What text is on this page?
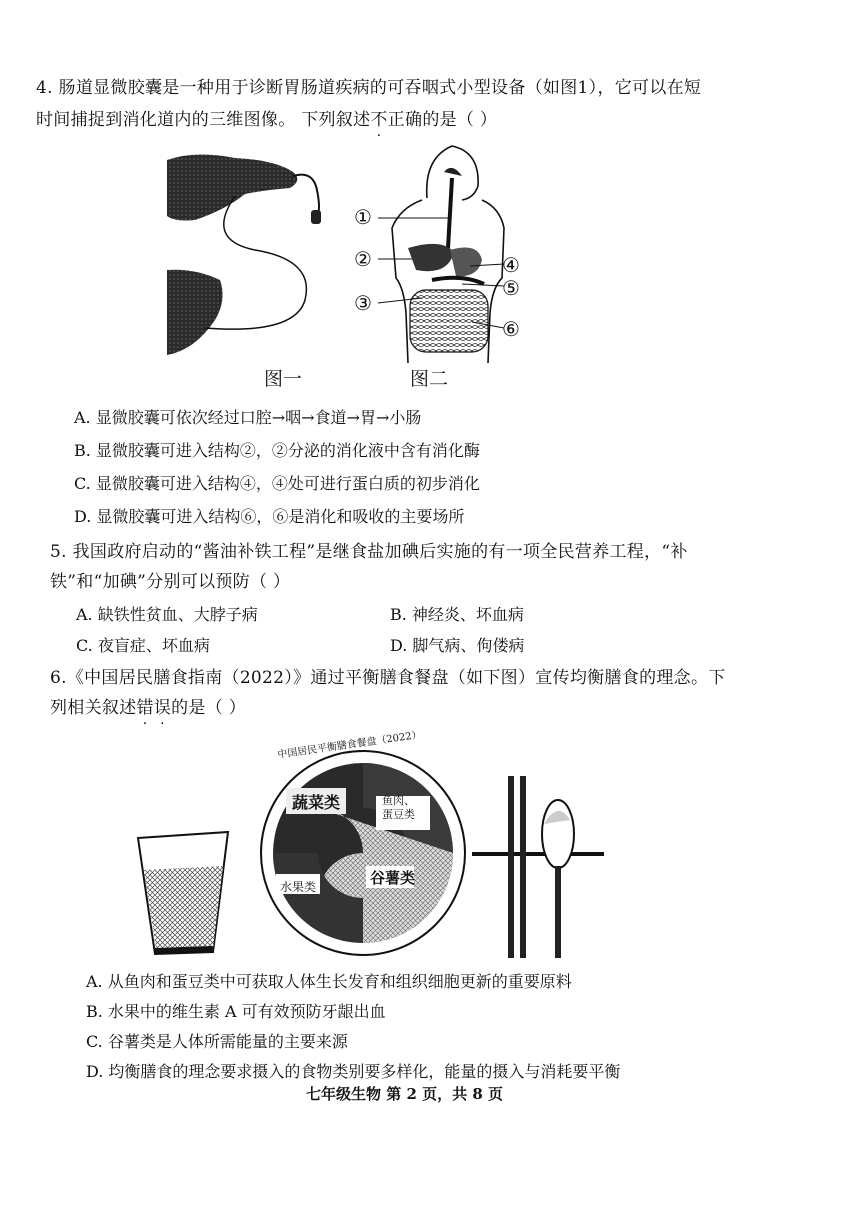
4. 肠道显微胶囊是一种用于诊断胃肠道疾病的可吞咽式小型设备（如图1），它可以在短
时间捕捉到消化道内的三维图像。 下列叙述不正确的是（ ）
图一
①
②
③
④
⑤
⑥
图二
A. 显微胶囊可依次经过口腔→咽→食道→胃→小肠
B. 显微胶囊可进入结构②，②分泌的消化液中含有消化酶
C. 显微胶囊可进入结构④，④处可进行蛋白质的初步消化
D. 显微胶囊可进入结构⑥，⑥是消化和吸收的主要场所
5. 我国政府启动的“酱油补铁工程”是继食盐加碘后实施的有一项全民营养工程，“补
铁”和“加碘”分别可以预防（ ）
A. 缺铁性贫血、大脖子病	B. 神经炎、坏血病
C. 夜盲症、坏血病	D. 脚气病、佝偻病
6.《中国居民膳食指南（2022）》通过平衡膳食餐盘（如下图）宣传均衡膳食的理念。下
列相关叙述错误的是（ ）
中国居民平衡膳食餐盘（2022）
蔬菜类	鱼肉、
蛋豆类
水果类	谷薯类
A. 从鱼肉和蛋豆类中可获取人体生长发育和组织细胞更新的重要原料
B. 水果中的维生素 A 可有效预防牙龈出血
C. 谷薯类是人体所需能量的主要来源
D. 均衡膳食的理念要求摄入的食物类别要多样化，能量的摄入与消耗要平衡
七年级生物 第 2 页，共 8 页
